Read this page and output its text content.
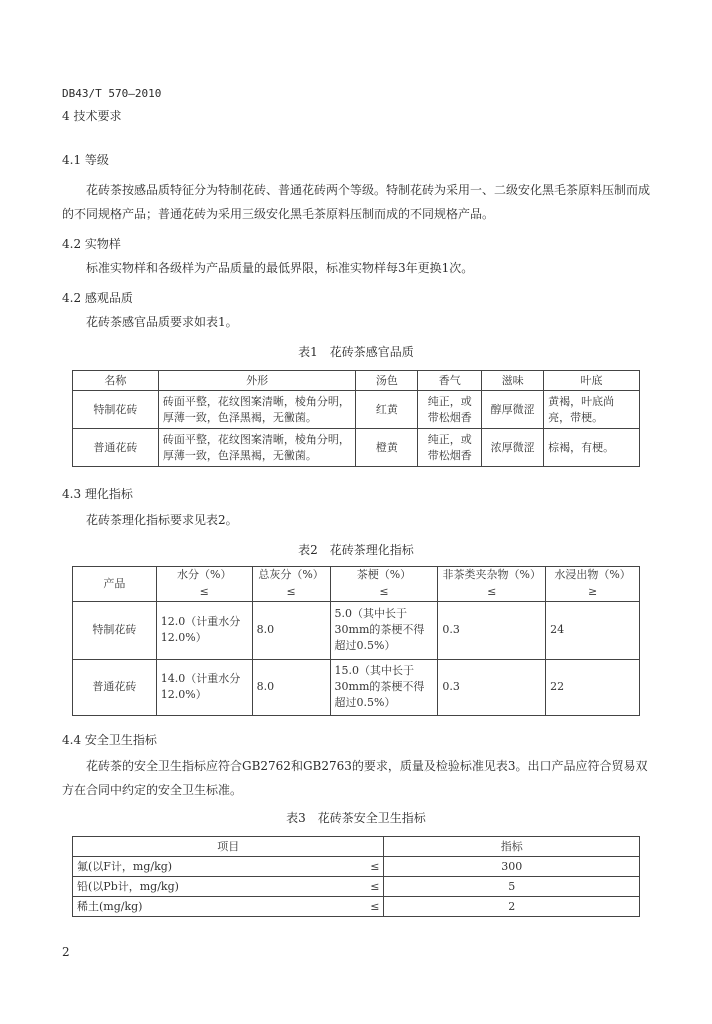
DB43/T 570—2010
4 技术要求
4.1 等级
花砖茶按感品质特征分为特制花砖、普通花砖两个等级。特制花砖为采用一、二级安化黑毛茶原料压制而成的不同规格产品；普通花砖为采用三级安化黑毛茶原料压制而成的不同规格产品。
4.2 实物样
标准实物样和各级样为产品质量的最低界限，标准实物样每3年更换1次。
4.2 感观品质
花砖茶感官品质要求如表1。
表1　花砖茶感官品质
名称	外形	汤色	香气	滋味	叶底
特制花砖	砖面平整，花纹图案清晰，棱角分明，厚薄一致，色泽黑褐，无黴菌。	红黄	纯正，或带松烟香	醇厚微涩	黄褐，叶底尚亮，带梗。
普通花砖	砖面平整，花纹图案清晰，棱角分明，厚薄一致，色泽黑褐，无黴菌。	橙黄	纯正，或带松烟香	浓厚微涩	棕褐，有梗。
4.3 理化指标
花砖茶理化指标要求见表2。
表2　花砖茶理化指标
产品	水分（%）	总灰分（%）	茶梗（%）	非茶类夹杂物（%）	水浸出物（%）
	≤	≤	≤	≤	≥
特制花砖	12.0（计重水分12.0%）	8.0	5.0（其中长于30mm的茶梗不得超过0.5%）	0.3	24
普通花砖	14.0（计重水分12.0%）	8.0	15.0（其中长于30mm的茶梗不得超过0.5%）	0.3	22
4.4 安全卫生指标
花砖茶的安全卫生指标应符合GB2762和GB2763的要求，质量及检验标准见表3。出口产品应符合贸易双方在合同中约定的安全卫生标准。
表3　花砖茶安全卫生指标
项目		指标
氟(以F计，mg/kg)	≤	300
铅(以Pb计，mg/kg)	≤	5
稀土(mg/kg)	≤	2
2
